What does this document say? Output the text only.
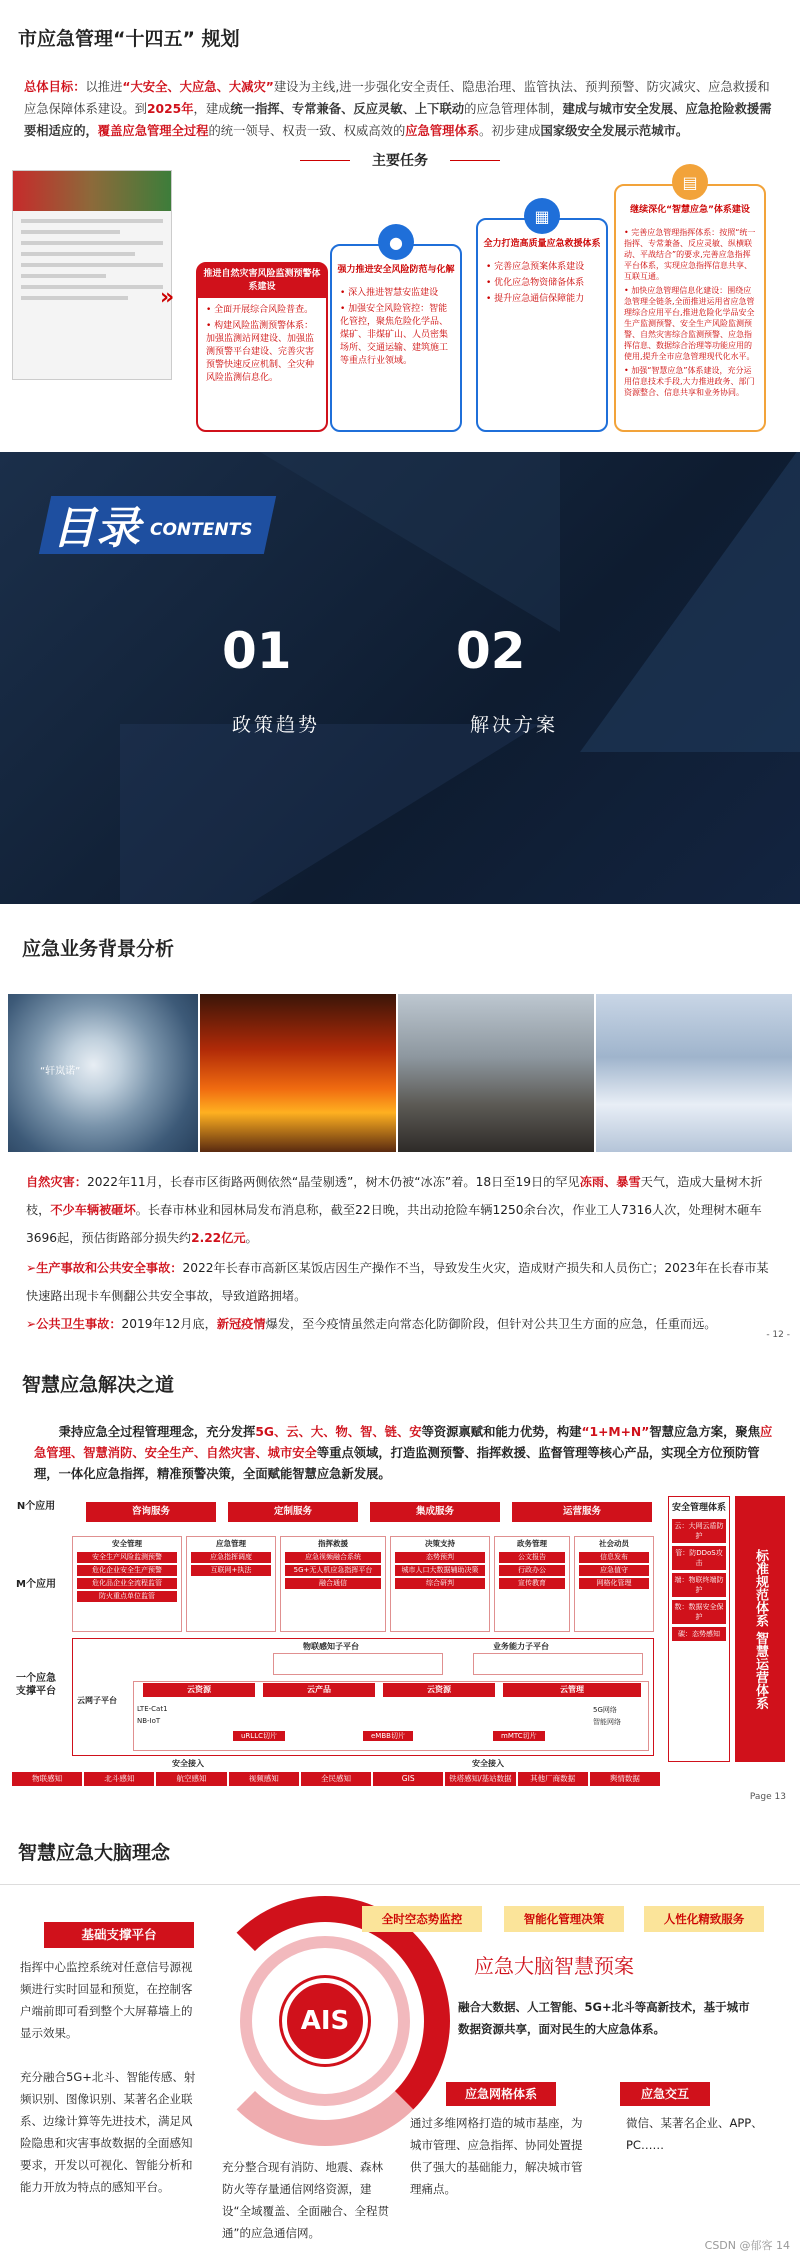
市应急管理“十四五” 规划
总体目标：以推进“大安全、大应急、大减灾”建设为主线,进一步强化安全责任、隐患治理、监管执法、预判预警、防灾减灾、应急救援和应急保障体系建设。到2025年，建成统一指挥、专常兼备、反应灵敏、上下联动的应急管理体制，建成与城市安全发展、应急抢险救援需要相适应的，覆盖应急管理全过程的统一领导、权责一致、权威高效的应急管理体系。初步建成国家级安全发展示范城市。
主要任务
»
推进自然灾害风险监测预警体系建设
• 全面开展综合风险普查。
• 构建风险监测预警体系：加强监测站网建设、加强监测预警平台建设、完善灾害预警快速反应机制、全灾种风险监测信息化。
●
强力推进安全风险防范与化解
• 深入推进智慧安监建设
• 加强安全风险管控：智能化管控，聚焦危险化学品、煤矿、非煤矿山、人员密集场所、交通运输、建筑施工等重点行业领域。
▦
全力打造高质量应急救援体系
• 完善应急预案体系建设
• 优化应急物资储备体系
• 提升应急通信保障能力
▤
继续深化“智慧应急”体系建设
• 完善应急管理指挥体系：按照“统一指挥、专常兼备、反应灵敏、纵横联动、平战结合”的要求,完善应急指挥平台体系，实现应急指挥信息共享、互联互通。
• 加快应急管理信息化建设：围绕应急管理全链条,全面推进运用省应急管理综合应用平台,推进危险化学品安全生产监测预警、安全生产风险监测预警、自然灾害综合监测预警、应急指挥信息、数据综合治理等功能应用的使用,提升全市应急管理现代化水平。
• 加强“智慧应急”体系建设，充分运用信息技术手段,大力推进政务、部门资源整合、信息共享和业务协同。
目录 CONTENTS
01
政策趋势
02
解决方案
应急业务背景分析
“轩岚诺”
自然灾害：2022年11月，长春市区街路两侧依然“晶莹剔透”，树木仍被“冰冻”着。18日至19日的罕见冻雨、暴雪天气，造成大量树木折枝，不少车辆被砸坏。长春市林业和园林局发布消息称，截至22日晚，共出动抢险车辆1250余台次，作业工人7316人次，处理树木砸车3696起，预估街路部分损失约2.22亿元。
➢生产事故和公共安全事故：2022年长春市高新区某饭店因生产操作不当，导致发生火灾，造成财产损失和人员伤亡；2023年在长春市某快速路出现卡车侧翻公共安全事故，导致道路拥堵。
➢公共卫生事故：2019年12月底，新冠疫情爆发，至今疫情虽然走向常态化防御阶段，但针对公共卫生方面的应急，任重而远。
- 12 -
智慧应急解决之道
秉持应急全过程管理理念，充分发挥5G、云、大、物、智、链、安等资源禀赋和能力优势，构建“1+M+N”智慧应急方案，聚焦应急管理、智慧消防、安全生产、自然灾害、城市安全等重点领域，打造监测预警、指挥救援、监督管理等核心产品，实现全方位预防管理，一体化应急指挥，精准预警决策，全面赋能智慧应急新发展。
N个应用	咨询服务	定制服务	集成服务	运营服务
M个应用
安全管理
安全生产风险监测预警
危化企业安全生产预警
危化品企业全流程监管
防火重点单位监管
应急管理
应急指挥调度
互联网+执法
指挥救援
应急视频融合系统
5G+无人机应急指挥平台
融合通信
决策支持
态势预判
城市人口大数据辅助决策
综合研判
政务管理
公文报告
行政办公
宣传教育
社会动员
信息发布
应急值守
网格化管理
一个应急支撑平台
物联感知子平台	业务能力子平台
云网子平台
云资源	云产品	云资源	云管理
LTE-Cat1
NB-IoT
uRLLC切片	eMBB切片	mMTC切片
5G网络
智能网络
安全接入	安全接入
物联感知	北斗感知	航空感知	视频感知	全民感知	GIS	铁塔感知/基站数据	其他厂商数据	舆情数据
安全管理体系
云：大网云盾防护
管：防DDoS攻击
端：物联终端防护
数：数据安全保护
碳：态势感知	标准规范体系 智慧运营体系
Page 13
智慧应急大脑理念
AIS
全时空态势监控	智能化管理决策	人性化精致服务
应急大脑智慧预案
基础支撑平台
指挥中心监控系统对任意信号源视频进行实时回显和预览，在控制客户端前即可看到整个大屏幕墙上的显示效果。
充分融合5G+北斗、智能传感、射频识别、图像识别、某著名企业联系、边缘计算等先进技术，满足风险隐患和灾害事故数据的全面感知要求，开发以可视化、智能分析和能力开放为特点的感知平台。
充分整合现有消防、地震、森林防火等存量通信网络资源，建设“全域覆盖、全面融合、全程贯通”的应急通信网。
融合大数据、人工智能、5G+北斗等高新技术，基于城市数据资源共享，面对民生的大应急体系。
应急网格体系
通过多维网格打造的城市基座，为城市管理、应急指挥、协同处置提供了强大的基础能力，解决城市管理痛点。
应急交互
微信、某著名企业、APP、PC……
CSDN @郁客 14
